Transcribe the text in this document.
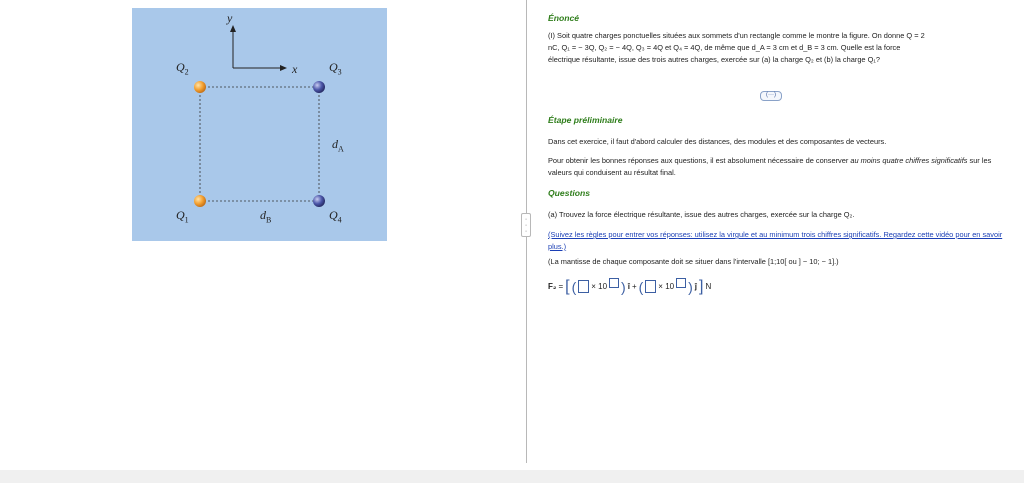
y
x
$Q_2$	$Q_3$
$Q_1$	$Q_4$
$d_A$
$d_B$	·
·
·
Énoncé
(I) Soit quatre charges ponctuelles situées aux sommets d'un rectangle comme le montre la figure. On donne Q = 2
nC, Q₁ = − 3Q, Q₂ = − 4Q, Q₃ = 4Q et Q₄ = 4Q, de même que d_A = 3 cm et d_B = 3 cm. Quelle est la force
électrique résultante, issue des trois autres charges, exercée sur (a) la charge Q₂ et (b) la charge Q₁?
(···)
Étape préliminaire
Dans cet exercice, il faut d'abord calculer des distances, des modules et des composantes de vecteurs.
Pour obtenir les bonnes réponses aux questions, il est absolument nécessaire de conserver au moins quatre chiffres significatifs sur les valeurs qui conduisent au résultat final.
Questions
(a) Trouvez la force électrique résultante, issue des autres charges, exercée sur la charge Q₂.
(Suivez les règles pour entrer vos réponses: utilisez la virgule et au minimum trois chiffres significatifs. Regardez cette vidéo pour en savoir plus.)
(La mantisse de chaque composante doit se situer dans l'intervalle [1;10[ ou ] − 10; − 1].)
F₂ = [ ( × 10 ) î + ( × 10 ) ĵ ] N
